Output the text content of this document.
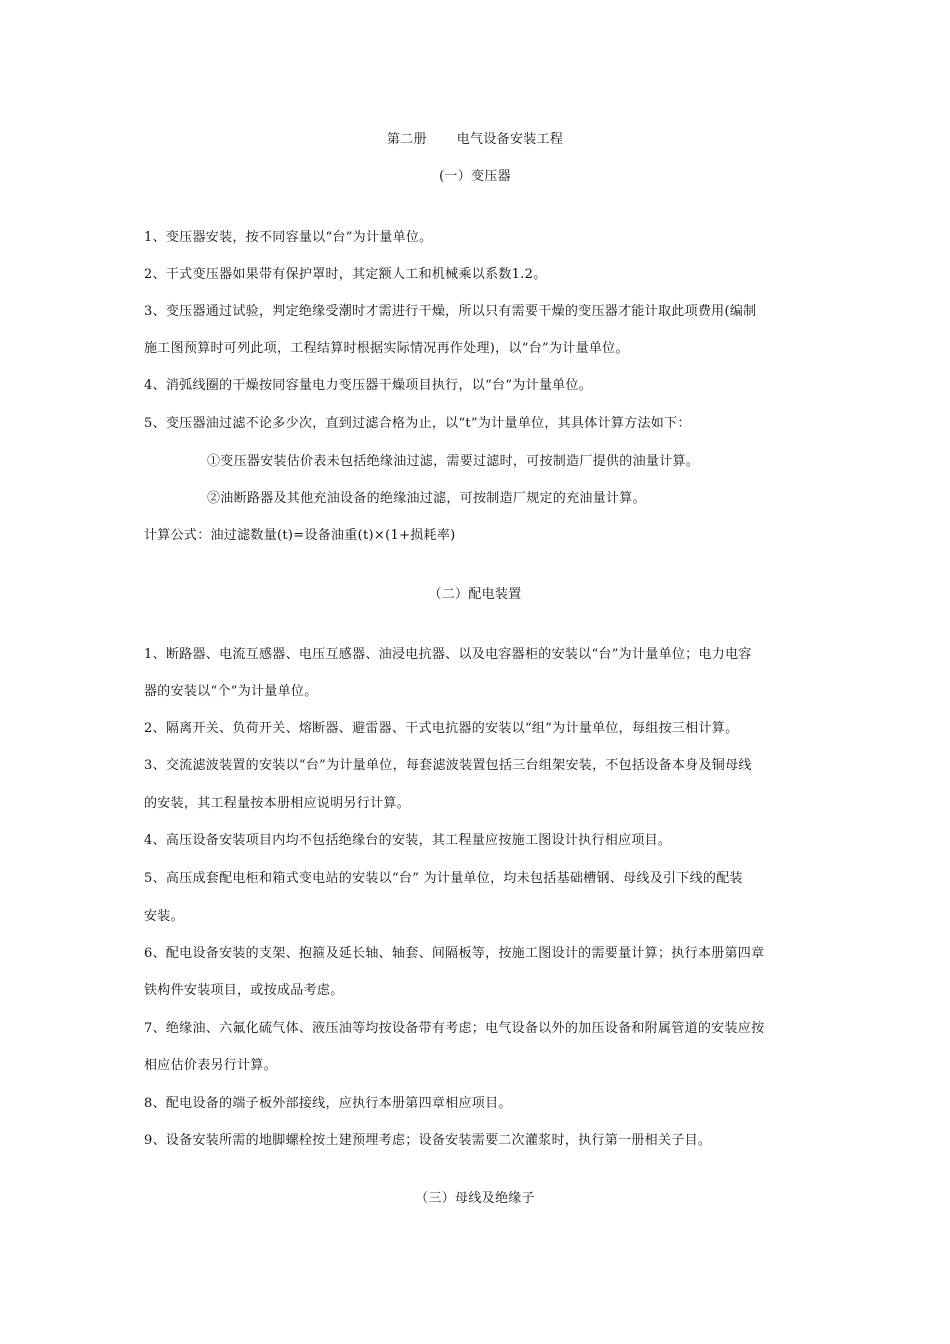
第二册 电气设备安装工程
(一）变压器
1、变压器安装，按不同容量以“台”为计量单位。
2、干式变压器如果带有保护罩时，其定额人工和机械乘以系数1.2。
3、变压器通过试验，判定绝缘受潮时才需进行干燥，所以只有需要干燥的变压器才能计取此项费用(编制
施工图预算时可列此项，工程结算时根据实际情况再作处理)，以“台”为计量单位。
4、消弧线圈的干燥按同容量电力变压器干燥项目执行，以“台”为计量单位。
5、变压器油过滤不论多少次，直到过滤合格为止，以“t”为计量单位，其具体计算方法如下：
①变压器安装估价表未包括绝缘油过滤，需要过滤时，可按制造厂提供的油量计算。
②油断路器及其他充油设备的绝缘油过滤，可按制造厂规定的充油量计算。
计算公式：油过滤数量(t)=设备油重(t)×(1+损耗率)
（二）配电装置
1、断路器、电流互感器、电压互感器、油浸电抗器、以及电容器柜的安装以“台”为计量单位；电力电容
器的安装以“个”为计量单位。
2、隔离开关、负荷开关、熔断器、避雷器、干式电抗器的安装以“组”为计量单位，每组按三相计算。
3、交流滤波装置的安装以“台”为计量单位，每套滤波装置包括三台组架安装，不包括设备本身及铜母线
的安装，其工程量按本册相应说明另行计算。
4、高压设备安装项目内均不包括绝缘台的安装，其工程量应按施工图设计执行相应项目。
5、高压成套配电柜和箱式变电站的安装以“台” 为计量单位，均未包括基础槽钢、母线及引下线的配装
安装。
6、配电设备安装的支架、抱箍及延长轴、轴套、间隔板等，按施工图设计的需要量计算；执行本册第四章
铁构件安装项目，或按成品考虑。
7、绝缘油、六氟化硫气体、液压油等均按设备带有考虑；电气设备以外的加压设备和附属管道的安装应按
相应估价表另行计算。
8、配电设备的端子板外部接线，应执行本册第四章相应项目。
9、设备安装所需的地脚螺栓按土建预埋考虑；设备安装需要二次灌浆时，执行第一册相关子目。
（三）母线及绝缘子
